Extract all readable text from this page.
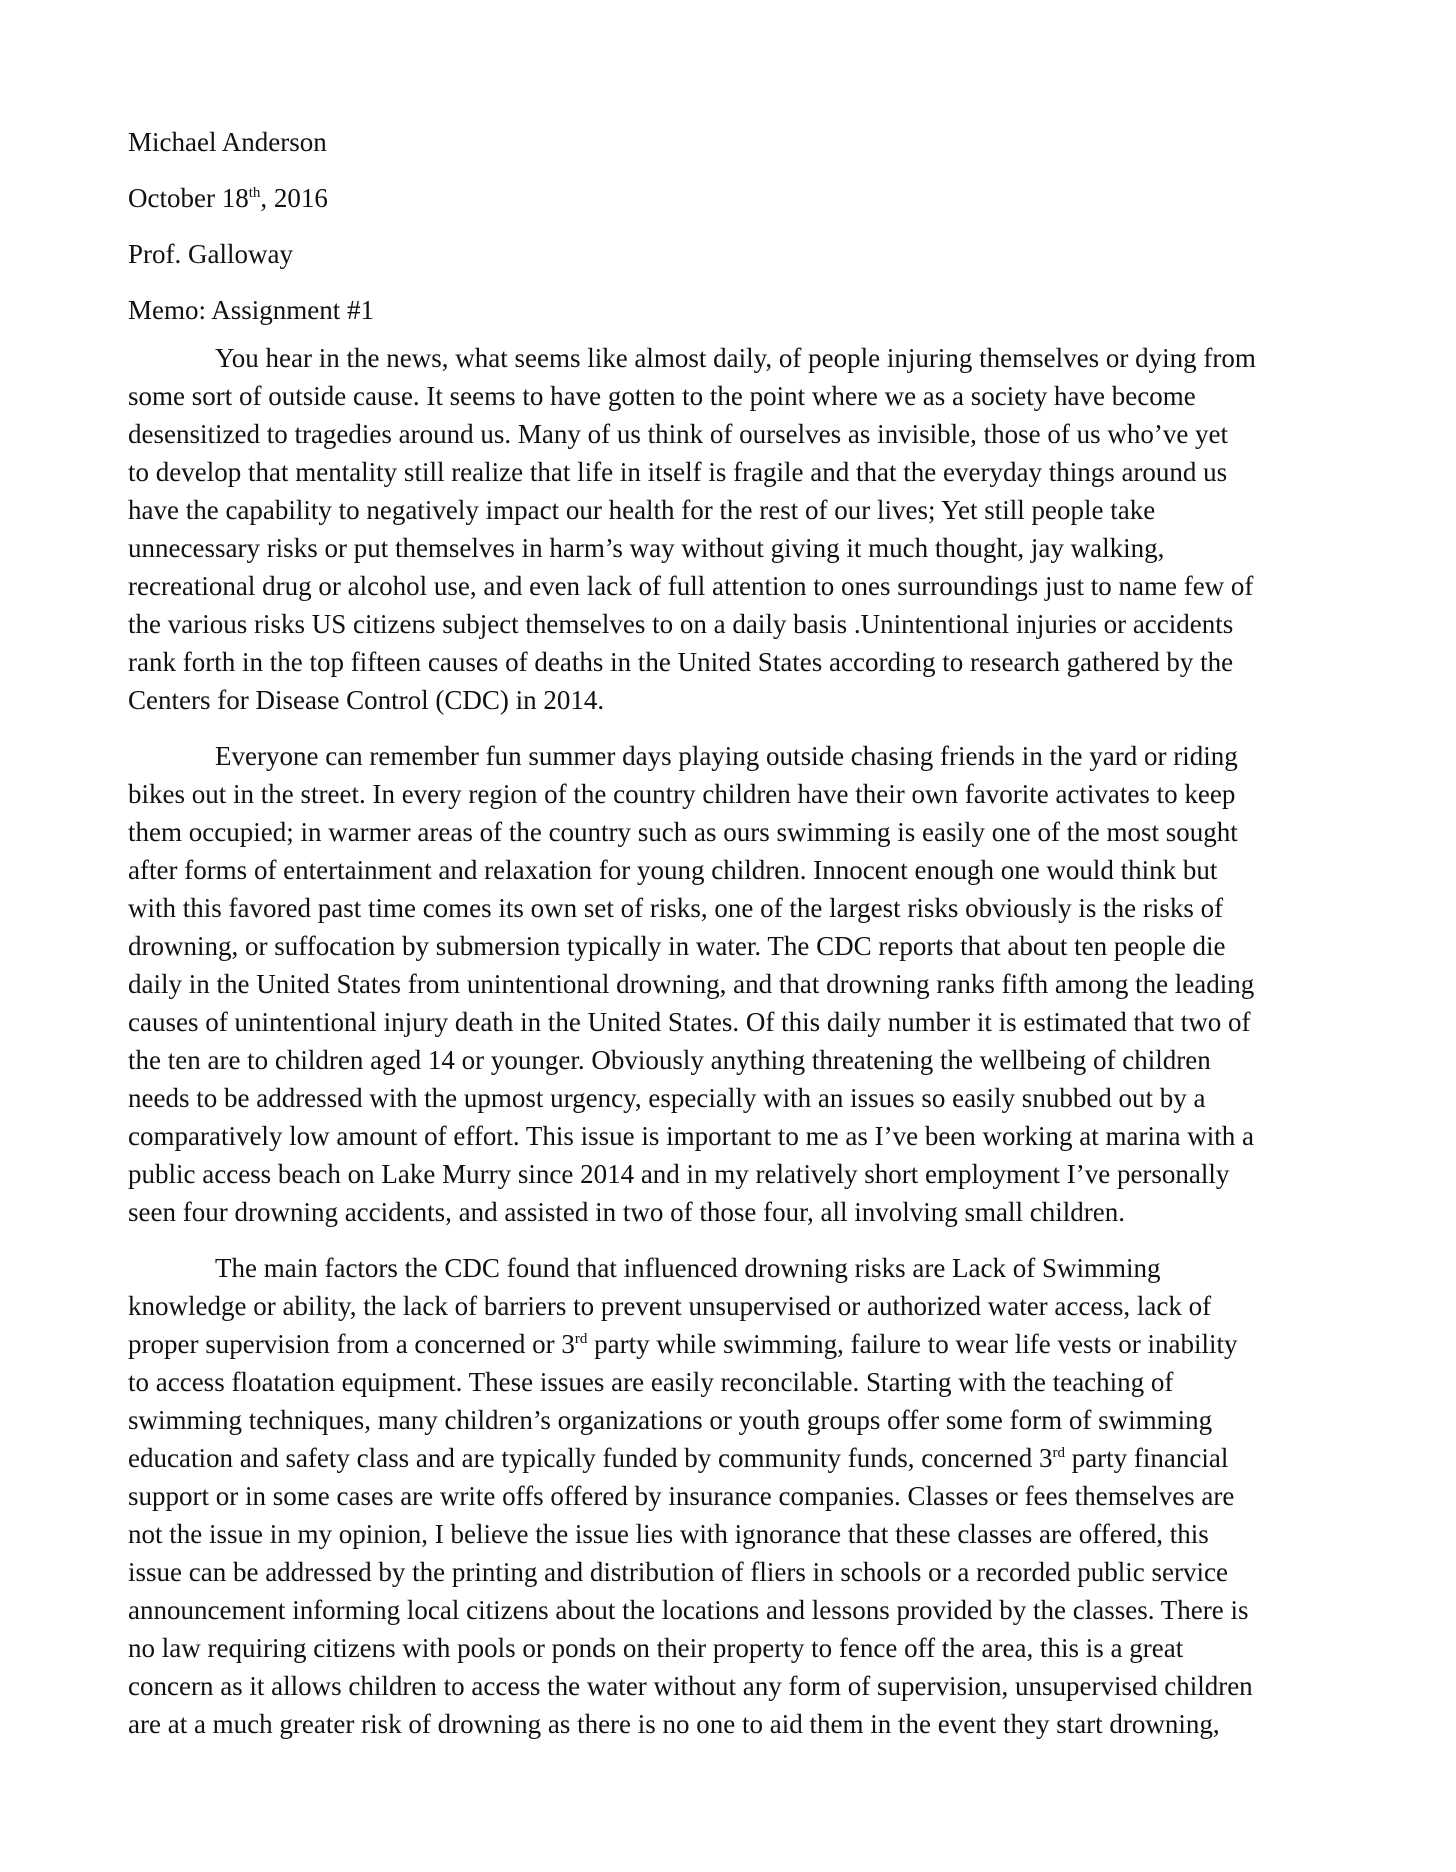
Michael Anderson
October 18th, 2016
Prof. Galloway
Memo: Assignment #1
You hear in the news, what seems like almost daily, of people injuring themselves or dying from
some sort of outside cause. It seems to have gotten to the point where we as a society have become
desensitized to tragedies around us. Many of us think of ourselves as invisible, those of us who’ve yet
to develop that mentality still realize that life in itself is fragile and that the everyday things around us
have the capability to negatively impact our health for the rest of our lives; Yet still people take
unnecessary risks or put themselves in harm’s way without giving it much thought, jay walking,
recreational drug or alcohol use, and even lack of full attention to ones surroundings just to name few of
the various risks US citizens subject themselves to on a daily basis .Unintentional injuries or accidents
rank forth in the top fifteen causes of deaths in the United States according to research gathered by the
Centers for Disease Control (CDC) in 2014.
Everyone can remember fun summer days playing outside chasing friends in the yard or riding
bikes out in the street. In every region of the country children have their own favorite activates to keep
them occupied; in warmer areas of the country such as ours swimming is easily one of the most sought
after forms of entertainment and relaxation for young children. Innocent enough one would think but
with this favored past time comes its own set of risks, one of the largest risks obviously is the risks of
drowning, or suffocation by submersion typically in water. The CDC reports that about ten people die
daily in the United States from unintentional drowning, and that drowning ranks fifth among the leading
causes of unintentional injury death in the United States. Of this daily number it is estimated that two of
the ten are to children aged 14 or younger. Obviously anything threatening the wellbeing of children
needs to be addressed with the upmost urgency, especially with an issues so easily snubbed out by a
comparatively low amount of effort. This issue is important to me as I’ve been working at marina with a
public access beach on Lake Murry since 2014 and in my relatively short employment I’ve personally
seen four drowning accidents, and assisted in two of those four, all involving small children.
The main factors the CDC found that influenced drowning risks are Lack of Swimming
knowledge or ability, the lack of barriers to prevent unsupervised or authorized water access, lack of
proper supervision from a concerned or 3rd party while swimming, failure to wear life vests or inability
to access floatation equipment. These issues are easily reconcilable. Starting with the teaching of
swimming techniques, many children’s organizations or youth groups offer some form of swimming
education and safety class and are typically funded by community funds, concerned 3rd party financial
support or in some cases are write offs offered by insurance companies. Classes or fees themselves are
not the issue in my opinion, I believe the issue lies with ignorance that these classes are offered, this
issue can be addressed by the printing and distribution of fliers in schools or a recorded public service
announcement informing local citizens about the locations and lessons provided by the classes. There is
no law requiring citizens with pools or ponds on their property to fence off the area, this is a great
concern as it allows children to access the water without any form of supervision, unsupervised children
are at a much greater risk of drowning as there is no one to aid them in the event they start drowning,
